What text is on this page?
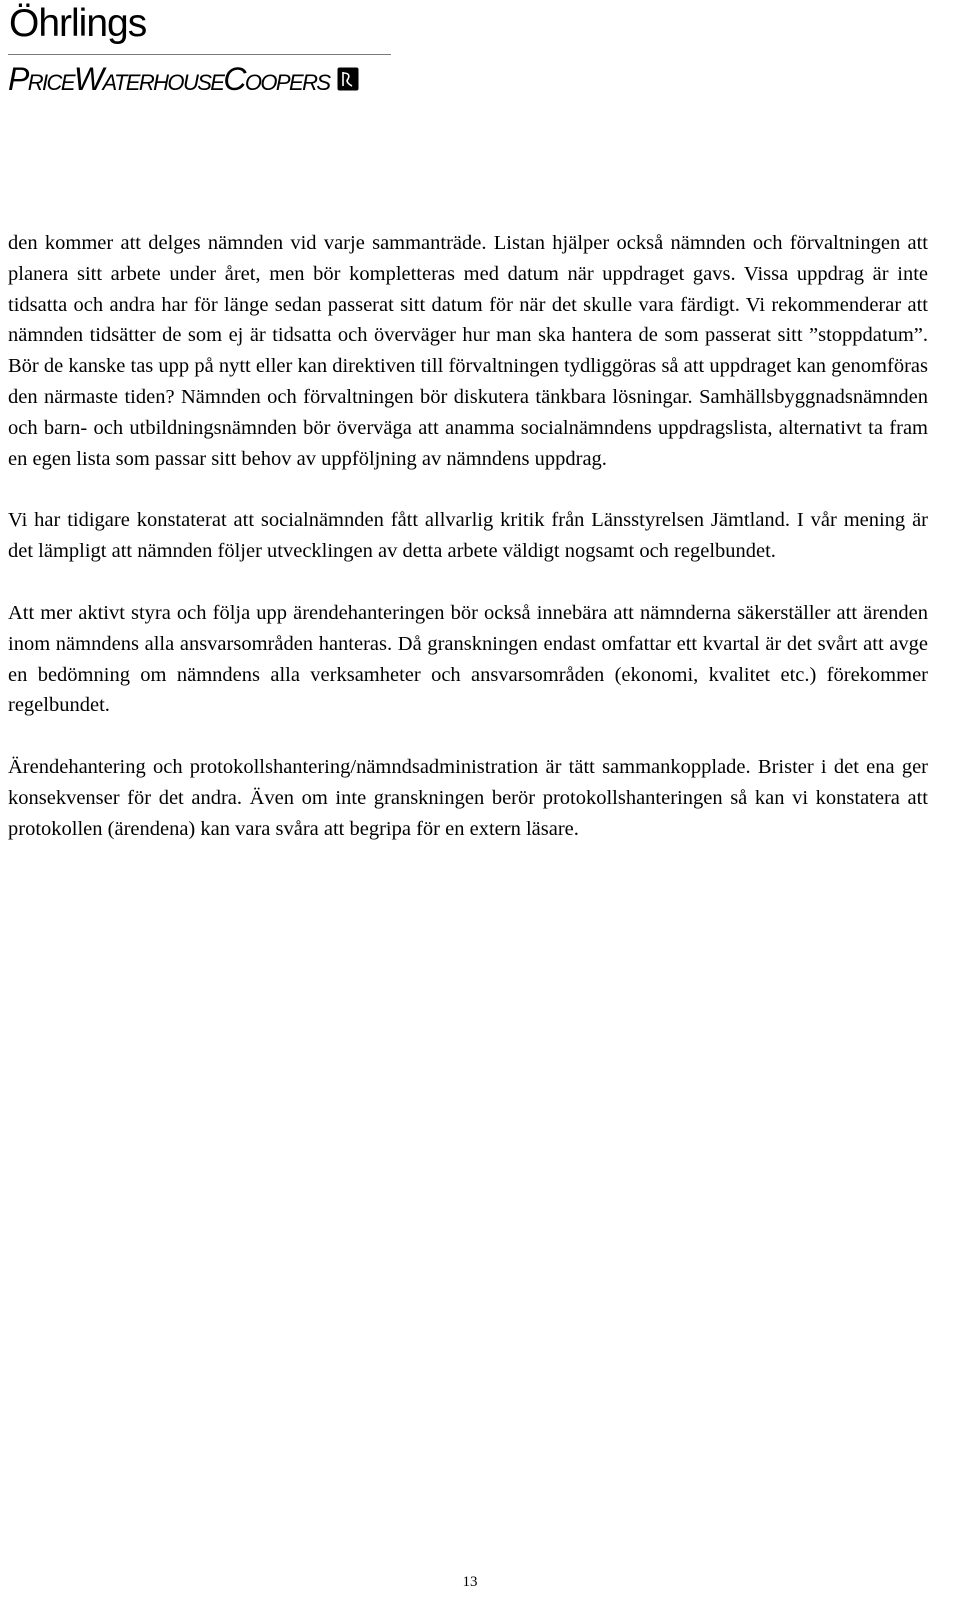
Öhrlings
PriceWaterhouseCoopers

den kommer att delges nämnden vid varje sammanträde. Listan hjälper också nämnden och förvaltningen att planera sitt arbete under året, men bör kompletteras med datum när uppdraget gavs. Vissa uppdrag är inte tidsatta och andra har för länge sedan passerat sitt datum för när det skulle vara färdigt. Vi rekommenderar att nämnden tidsätter de som ej är tidsatta och överväger hur man ska hantera de som passerat sitt ”stoppdatum”. Bör de kanske tas upp på nytt eller kan direktiven till förvaltningen tydliggöras så att uppdraget kan genomföras den närmaste tiden? Nämnden och förvaltningen bör diskutera tänkbara lösningar. Samhällsbyggnadsnämnden och barn- och utbildningsnämnden bör överväga att anamma socialnämndens uppdragslista, alternativt ta fram en egen lista som passar sitt behov av uppföljning av nämndens uppdrag.

Vi har tidigare konstaterat att socialnämnden fått allvarlig kritik från Länsstyrelsen Jämtland. I vår mening är det lämpligt att nämnden följer utvecklingen av detta arbete väldigt nogsamt och regelbundet.

Att mer aktivt styra och följa upp ärendehanteringen bör också innebära att nämnderna säkerställer att ärenden inom nämndens alla ansvarsområden hanteras. Då granskningen endast omfattar ett kvartal är det svårt att avge en bedömning om nämndens alla verksamheter och ansvarsområden (ekonomi, kvalitet etc.) förekommer regelbundet.

Ärendehantering och protokollshantering/nämndsadministration är tätt sammankopplade. Brister i det ena ger konsekvenser för det andra. Även om inte granskningen berör protokollshanteringen så kan vi konstatera att protokollen (ärendena) kan vara svåra att begripa för en extern läsare.

13
